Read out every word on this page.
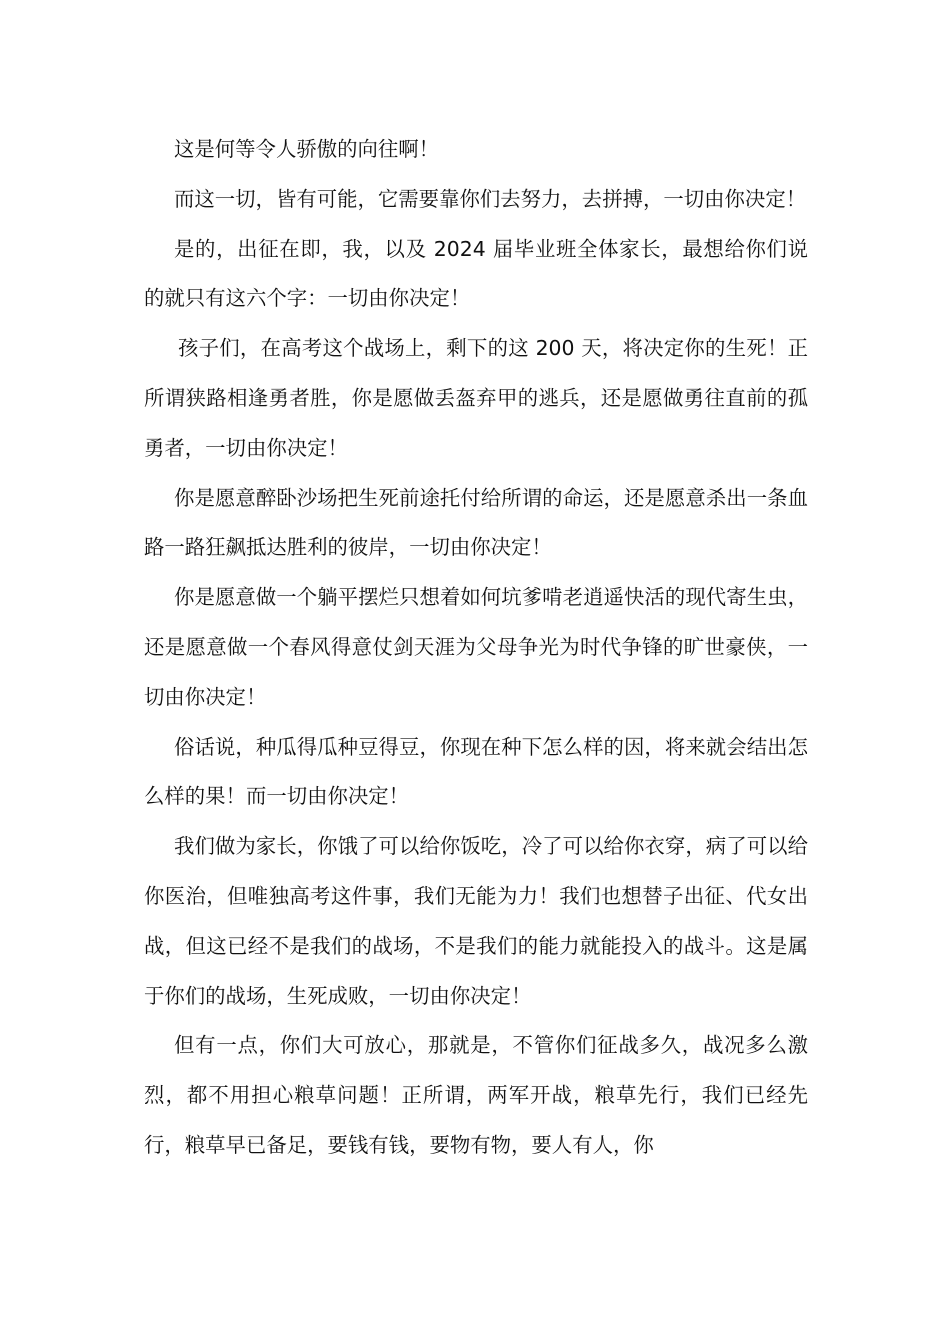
这是何等令人骄傲的向往啊！

而这一切，皆有可能，它需要靠你们去努力，去拼搏，一切由你决定！

是的，出征在即，我，以及 2024 届毕业班全体家长，最想给你们说的就只有这六个字：一切由你决定！

孩子们，在高考这个战场上，剩下的这 200 天，将决定你的生死！正所谓狭路相逢勇者胜，你是愿做丢盔弃甲的逃兵，还是愿做勇往直前的孤勇者，一切由你决定！

你是愿意醉卧沙场把生死前途托付给所谓的命运，还是愿意杀出一条血路一路狂飙抵达胜利的彼岸，一切由你决定！

你是愿意做一个躺平摆烂只想着如何坑爹啃老逍遥快活的现代寄生虫，还是愿意做一个春风得意仗剑天涯为父母争光为时代争锋的旷世豪侠，一切由你决定！

俗话说，种瓜得瓜种豆得豆，你现在种下怎么样的因，将来就会结出怎么样的果！而一切由你决定！

我们做为家长，你饿了可以给你饭吃，冷了可以给你衣穿，病了可以给你医治，但唯独高考这件事，我们无能为力！我们也想替子出征、代女出战，但这已经不是我们的战场，不是我们的能力就能投入的战斗。这是属于你们的战场，生死成败，一切由你决定！

但有一点，你们大可放心，那就是，不管你们征战多久，战况多么激烈，都不用担心粮草问题！正所谓，两军开战，粮草先行，我们已经先行，粮草早已备足，要钱有钱，要物有物，要人有人，你
